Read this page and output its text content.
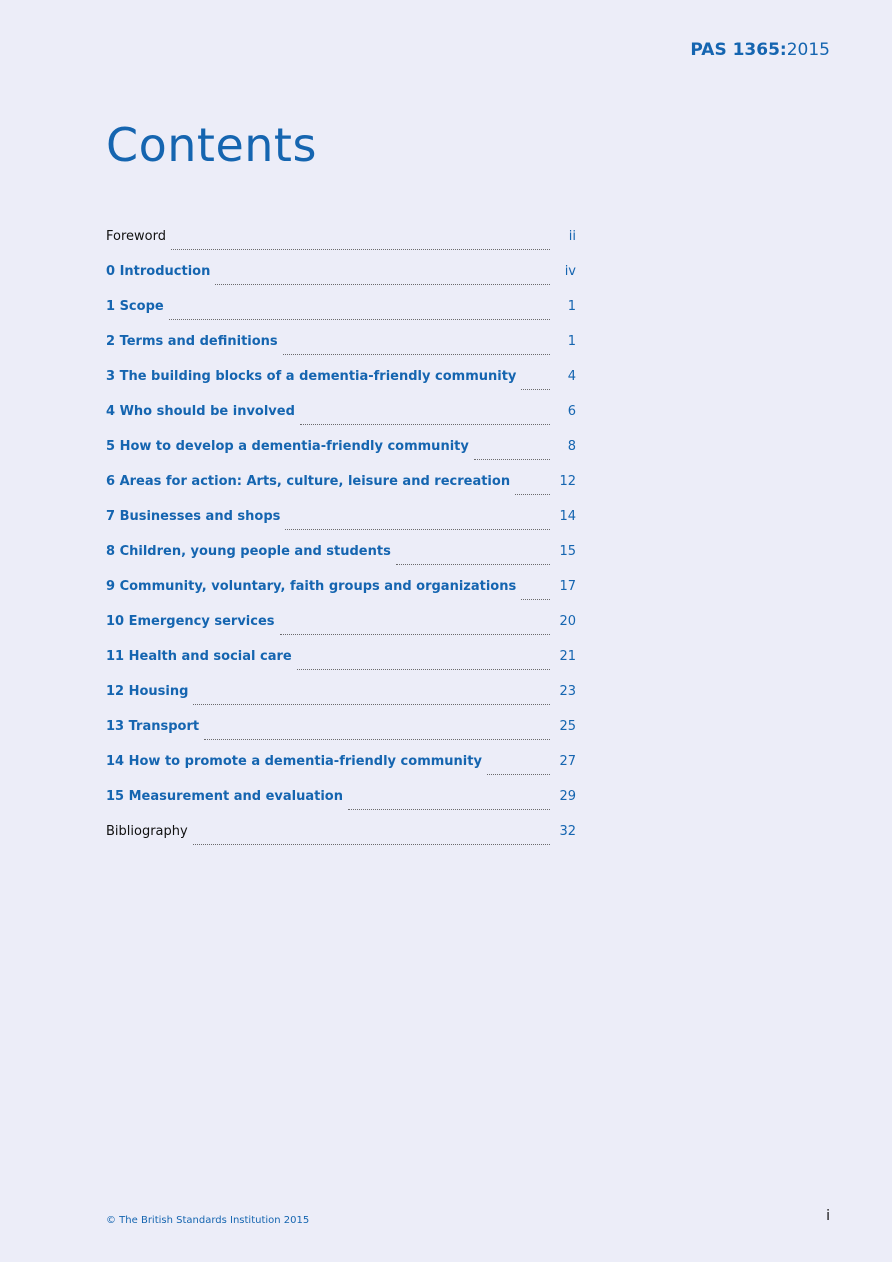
PAS 1365:2015
Contents
Foreword	ii
0 Introduction	iv
1 Scope	1
2 Terms and definitions	1
3 The building blocks of a dementia-friendly community	4
4 Who should be involved	6
5 How to develop a dementia-friendly community	8
6 Areas for action: Arts, culture, leisure and recreation	12
7 Businesses and shops	14
8 Children, young people and students	15
9 Community, voluntary, faith groups and organizations	17
10 Emergency services	20
11 Health and social care	21
12 Housing	23
13 Transport	25
14 How to promote a dementia-friendly community	27
15 Measurement and evaluation	29
Bibliography	32
© The British Standards Institution 2015	i
